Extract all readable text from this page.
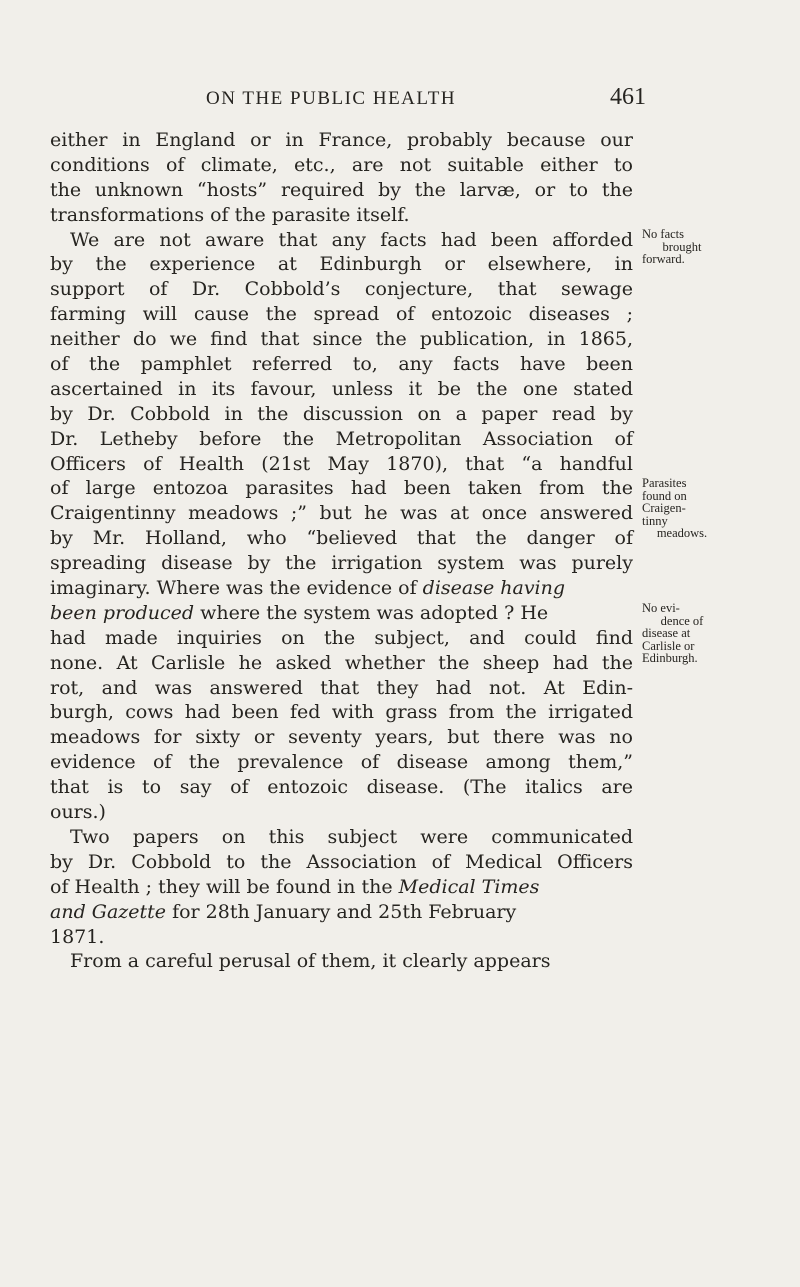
ON THE PUBLIC HEALTH	461
either in England or in France, probably because our
conditions of climate, etc., are not suitable either to
the unknown “hosts” required by the larvæ, or to the
transformations of the parasite itself.
We are not aware that any facts had been afforded
by the experience at Edinburgh or elsewhere, in
support of Dr. Cobbold’s conjecture, that sewage
farming will cause the spread of entozoic diseases ;
neither do we find that since the publication, in 1865,
of the pamphlet referred to, any facts have been
ascertained in its favour, unless it be the one stated
by Dr. Cobbold in the discussion on a paper read by
Dr. Letheby before the Metropolitan Association of
Officers of Health (21st May 1870), that “a handful
of large entozoa parasites had been taken from the
Craigentinny meadows ;” but he was at once answered
by Mr. Holland, who “believed that the danger of
spreading disease by the irrigation system was purely
imaginary. Where was the evidence of disease having
been produced where the system was adopted ? He
had made inquiries on the subject, and could find
none. At Carlisle he asked whether the sheep had the
rot, and was answered that they had not. At Edin-
burgh, cows had been fed with grass from the irrigated
meadows for sixty or seventy years, but there was no
evidence of the prevalence of disease among them,”
that is to say of entozoic disease. (The italics are
ours.)
Two papers on this subject were communicated
by Dr. Cobbold to the Association of Medical Officers
of Health ; they will be found in the Medical Times
and Gazette for 28th January and 25th February
1871.
From a careful perusal of them, it clearly appears
No facts
brought
forward.
Parasites
found on
Craigen-
tinny
meadows.
No evi-
dence of
disease at
Carlisle or
Edinburgh.
